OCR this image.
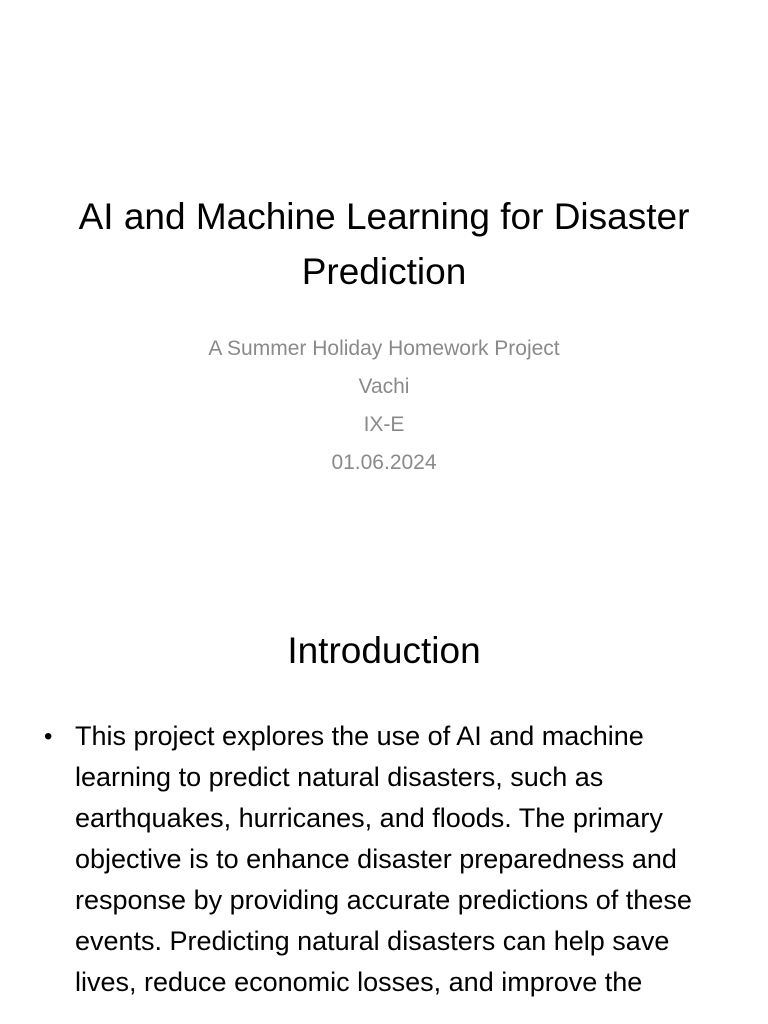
AI and Machine Learning for Disaster Prediction
A Summer Holiday Homework Project
Vachi
IX-E
01.06.2024
Introduction
• This project explores the use of AI and machine learning to predict natural disasters, such as earthquakes, hurricanes, and floods. The primary objective is to enhance disaster preparedness and response by providing accurate predictions of these events. Predicting natural disasters can help save lives, reduce economic losses, and improve the
